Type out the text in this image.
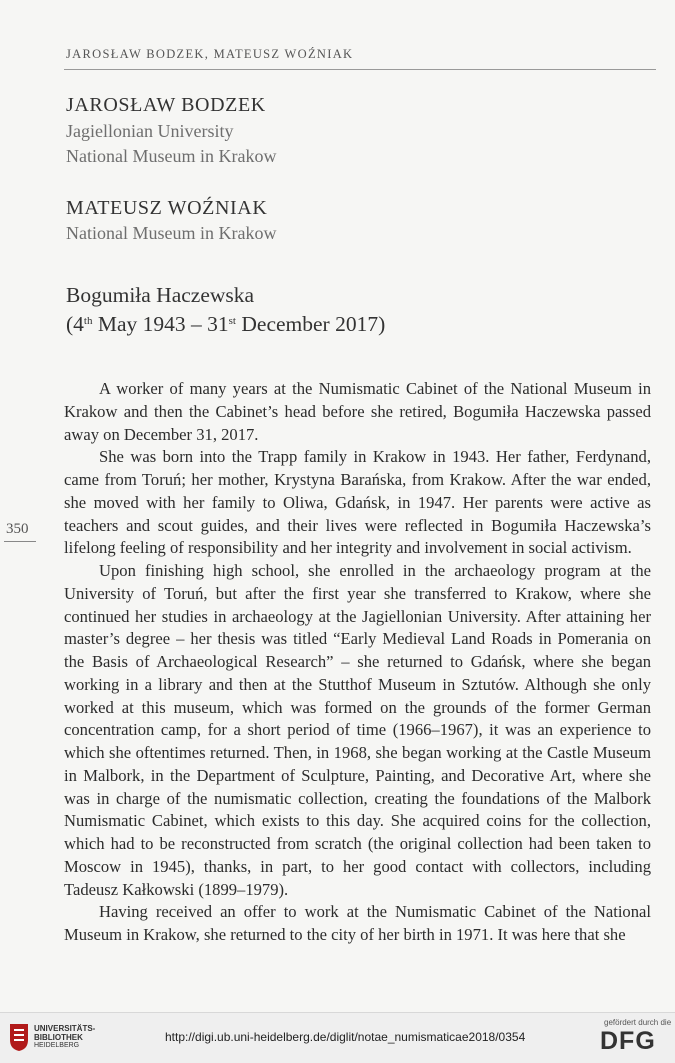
JAROSŁAW BODZEK, MATEUSZ WOŹNIAK
JAROSŁAW BODZEK
Jagiellonian University
National Museum in Krakow
MATEUSZ WOŹNIAK
National Museum in Krakow
Bogumiła Haczewska
(4th May 1943 – 31st December 2017)
350

A worker of many years at the Numismatic Cabinet of the National Museum in Krakow and then the Cabinet’s head before she retired, Bogumiła Haczewska passed away on December 31, 2017.

She was born into the Trapp family in Krakow in 1943. Her father, Ferdynand, came from Toruń; her mother, Krystyna Barańska, from Krakow. After the war ended, she moved with her family to Oliwa, Gdańsk, in 1947. Her parents were active as teachers and scout guides, and their lives were reflected in Bogumiła Haczewska’s lifelong feeling of responsibility and her integrity and involvement in social activism.

Upon finishing high school, she enrolled in the archaeology program at the University of Toruń, but after the first year she transferred to Krakow, where she continued her studies in archaeology at the Jagiellonian University. After attaining her master’s degree – her thesis was titled “Early Medieval Land Roads in Pomerania on the Basis of Archaeological Research” – she returned to Gdańsk, where she began working in a library and then at the Stutthof Museum in Sztutów. Although she only worked at this museum, which was formed on the grounds of the former German concentration camp, for a short period of time (1966–1967), it was an experience to which she oftentimes returned. Then, in 1968, she began working at the Castle Museum in Malbork, in the Department of Sculpture, Painting, and Decorative Art, where she was in charge of the numismatic collection, creating the foundations of the Malbork Numismatic Cabinet, which exists to this day. She acquired coins for the collection, which had to be reconstructed from scratch (the original collection had been taken to Moscow in 1945), thanks, in part, to her good contact with collectors, including Tadeusz Kałkowski (1899–1979).

Having received an offer to work at the Numismatic Cabinet of the National Museum in Krakow, she returned to the city of her birth in 1971. It was here that she

UNIVERSITÄTS-
BIBLIOTHEK
HEIDELBERG
http://digi.ub.uni-heidelberg.de/diglit/notae_numismaticae2018/0354
gefördert durch die
DFG
